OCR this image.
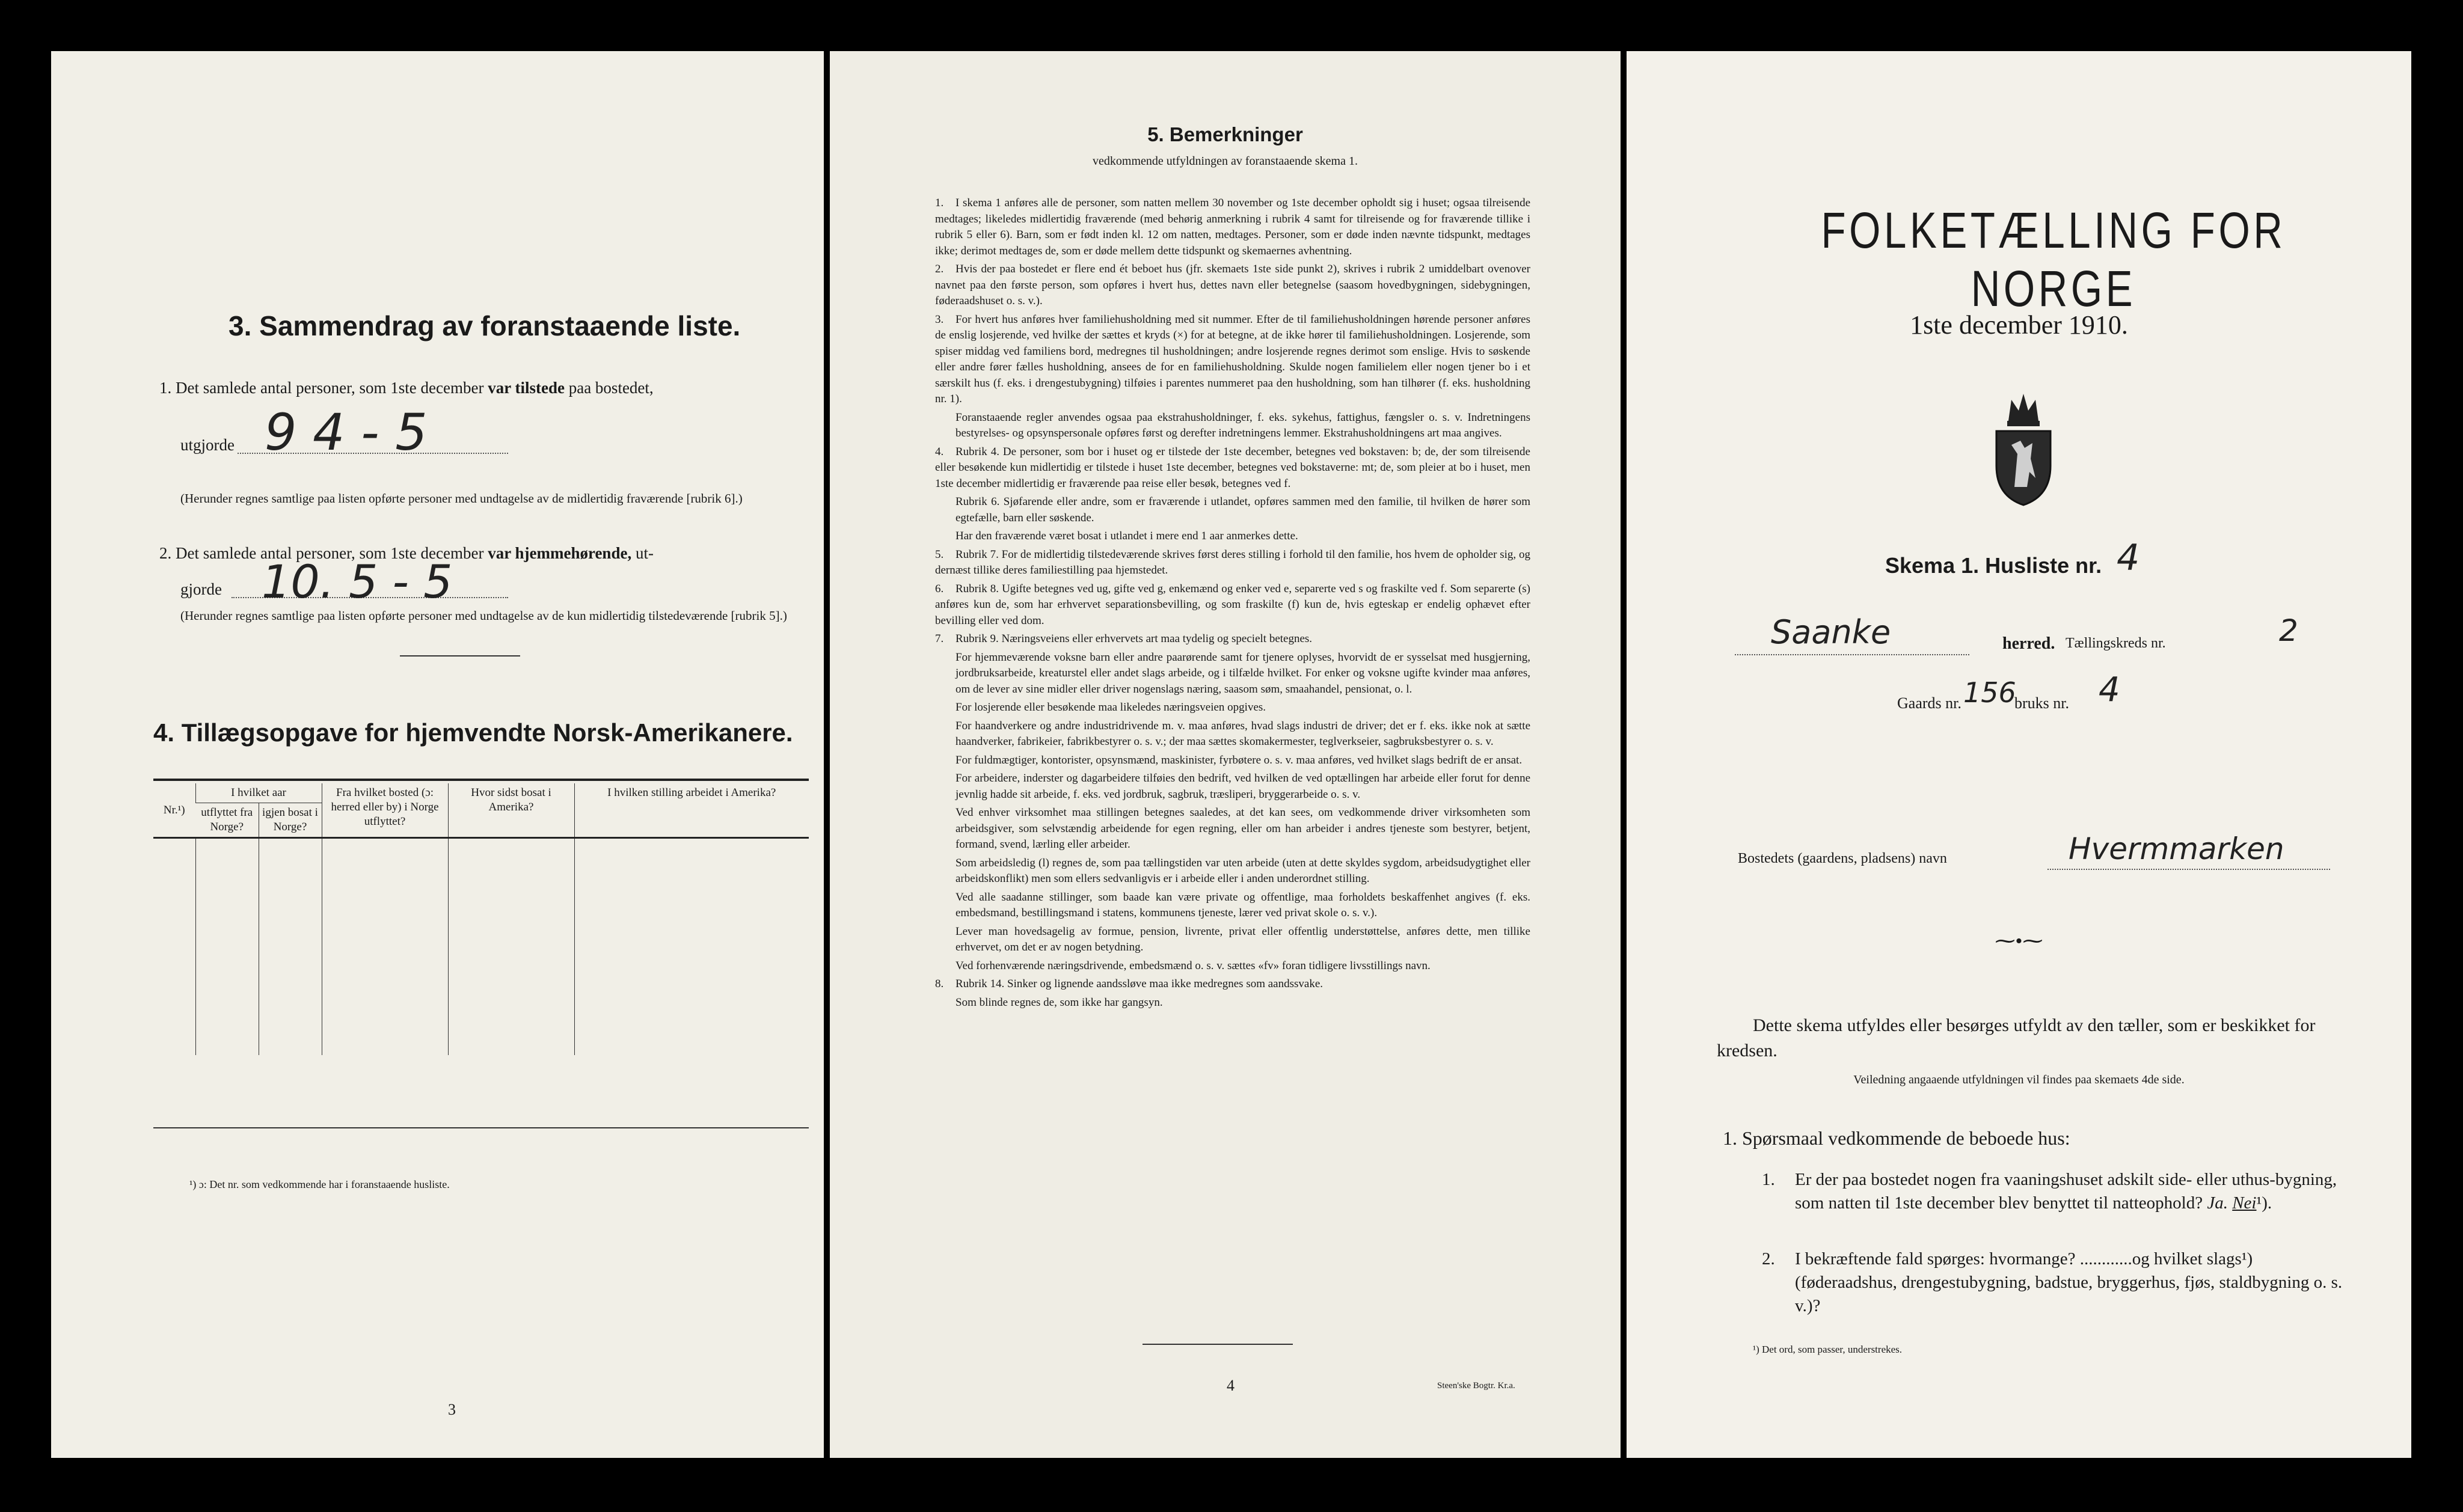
3. Sammendrag av foranstaaende liste.
1. Det samlede antal personer, som 1ste december var tilstede paa bostedet,
utgjorde 9 4 - 5
(Herunder regnes samtlige paa listen opførte personer med undtagelse av de midlertidig fraværende [rubrik 6].)
2. Det samlede antal personer, som 1ste december var hjemmehørende, ut-
gjorde 10. 5 - 5
(Herunder regnes samtlige paa listen opførte personer med undtagelse av de kun midlertidig tilstedeværende [rubrik 5].)
4. Tillægsopgave for hjemvendte Norsk-Amerikanere.
Nr.¹)	I hvilket aar		Fra hvilket bosted (ɔ: herred eller by) i Norge utflyttet?	Hvor sidst bosat i Amerika?	I hvilken stilling arbeidet i Amerika?
	utflyttet fra Norge?	igjen bosat i Norge?			

¹) ɔ: Det nr. som vedkommende har i foranstaaende husliste.
3
5. Bemerkninger
vedkommende utfyldningen av foranstaaende skema 1.

1. I skema 1 anføres alle de personer, som natten mellem 30 november og 1ste december opholdt sig i huset; ogsaa tilreisende medtages; likeledes midlertidig fraværende (med behørig anmerkning i rubrik 4 samt for tilreisende og for fraværende tillike i rubrik 5 eller 6). Barn, som er født inden kl. 12 om natten, medtages. Personer, som er døde inden nævnte tidspunkt, medtages ikke; derimot medtages de, som er døde mellem dette tidspunkt og skemaernes avhentning.

2. Hvis der paa bostedet er flere end ét beboet hus (jfr. skemaets 1ste side punkt 2), skrives i rubrik 2 umiddelbart ovenover navnet paa den første person, som opføres i hvert hus, dettes navn eller betegnelse (saasom hovedbygningen, sidebygningen, føderaadshuset o. s. v.).

3. For hvert hus anføres hver familiehusholdning med sit nummer. Efter de til familiehusholdningen hørende personer anføres de enslig losjerende, ved hvilke der sættes et kryds (×) for at betegne, at de ikke hører til familiehusholdningen. Losjerende, som spiser middag ved familiens bord, medregnes til husholdningen; andre losjerende regnes derimot som enslige. Hvis to søskende eller andre fører fælles husholdning, ansees de for en familiehusholdning. Skulde nogen familielem eller nogen tjener bo i et særskilt hus (f. eks. i drengestubygning) tilføies i parentes nummeret paa den husholdning, som han tilhører (f. eks. husholdning nr. 1).

Foranstaaende regler anvendes ogsaa paa ekstrahusholdninger, f. eks. sykehus, fattighus, fængsler o. s. v. Indretningens bestyrelses- og opsynspersonale opføres først og derefter indretningens lemmer. Ekstrahusholdningens art maa angives.

4. Rubrik 4. De personer, som bor i huset og er tilstede der 1ste december, betegnes ved bokstaven: b; de, der som tilreisende eller besøkende kun midlertidig er tilstede i huset 1ste december, betegnes ved bokstaverne: mt; de, som pleier at bo i huset, men 1ste december midlertidig er fraværende paa reise eller besøk, betegnes ved f.

Rubrik 6. Sjøfarende eller andre, som er fraværende i utlandet, opføres sammen med den familie, til hvilken de hører som egtefælle, barn eller søskende.

Har den fraværende været bosat i utlandet i mere end 1 aar anmerkes dette.

5. Rubrik 7. For de midlertidig tilstedeværende skrives først deres stilling i forhold til den familie, hos hvem de opholder sig, og dernæst tillike deres familiestilling paa hjemstedet.

6. Rubrik 8. Ugifte betegnes ved ug, gifte ved g, enkemænd og enker ved e, separerte ved s og fraskilte ved f. Som separerte (s) anføres kun de, som har erhvervet separationsbevilling, og som fraskilte (f) kun de, hvis egteskap er endelig ophævet efter bevilling eller ved dom.

7. Rubrik 9. Næringsveiens eller erhvervets art maa tydelig og specielt betegnes.

For hjemmeværende voksne barn eller andre paarørende samt for tjenere oplyses, hvorvidt de er sysselsat med husgjerning, jordbruksarbeide, kreaturstel eller andet slags arbeide, og i tilfælde hvilket. For enker og voksne ugifte kvinder maa anføres, om de lever av sine midler eller driver nogenslags næring, saasom søm, smaahandel, pensionat, o. l.

For losjerende eller besøkende maa likeledes næringsveien opgives.

For haandverkere og andre industridrivende m. v. maa anføres, hvad slags industri de driver; det er f. eks. ikke nok at sætte haandverker, fabrikeier, fabrikbestyrer o. s. v.; der maa sættes skomakermester, teglverkseier, sagbruksbestyrer o. s. v.

For fuldmægtiger, kontorister, opsynsmænd, maskinister, fyrbøtere o. s. v. maa anføres, ved hvilket slags bedrift de er ansat.

For arbeidere, inderster og dagarbeidere tilføies den bedrift, ved hvilken de ved optællingen har arbeide eller forut for denne jevnlig hadde sit arbeide, f. eks. ved jordbruk, sagbruk, træsliperi, bryggerarbeide o. s. v.

Ved enhver virksomhet maa stillingen betegnes saaledes, at det kan sees, om vedkommende driver virksomheten som arbeidsgiver, som selvstændig arbeidende for egen regning, eller om han arbeider i andres tjeneste som bestyrer, betjent, formand, svend, lærling eller arbeider.

Som arbeidsledig (l) regnes de, som paa tællingstiden var uten arbeide (uten at dette skyldes sygdom, arbeidsudygtighet eller arbeidskonflikt) men som ellers sedvanligvis er i arbeide eller i anden underordnet stilling.

Ved alle saadanne stillinger, som baade kan være private og offentlige, maa forholdets beskaffenhet angives (f. eks. embedsmand, bestillingsmand i statens, kommunens tjeneste, lærer ved privat skole o. s. v.).

Lever man hovedsagelig av formue, pension, livrente, privat eller offentlig understøttelse, anføres dette, men tillike erhvervet, om det er av nogen betydning.

Ved forhenværende næringsdrivende, embedsmænd o. s. v. sættes «fv» foran tidligere livsstillings navn.

8. Rubrik 14. Sinker og lignende aandssløve maa ikke medregnes som aandssvake.

Som blinde regnes de, som ikke har gangsyn.

4	Steen'ske Bogtr. Kr.a.
FOLKETÆLLING FOR NORGE
1ste december 1910.
Skema 1. Husliste nr. 4
Saanke	herred. Tællingskreds nr.	2
Gaards nr. 156
bruks nr. 4
Bostedets (gaardens, pladsens) navn	Hvermmarken
⁓•⁓
Dette skema utfyldes eller besørges utfyldt av den tæller, som er beskikket for kredsen.
Veiledning angaaende utfyldningen vil findes paa skemaets 4de side.
1. Spørsmaal vedkommende de beboede hus:
1. Er der paa bostedet nogen fra vaaningshuset adskilt side- eller uthus-bygning, som natten til 1ste december blev benyttet til natteophold? Ja. Nei¹).
2. I bekræftende fald spørges: hvormange? ............og hvilket slags¹) (føderaadshus, drengestubygning, badstue, bryggerhus, fjøs, staldbygning o. s. v.)?
¹) Det ord, som passer, understrekes.
